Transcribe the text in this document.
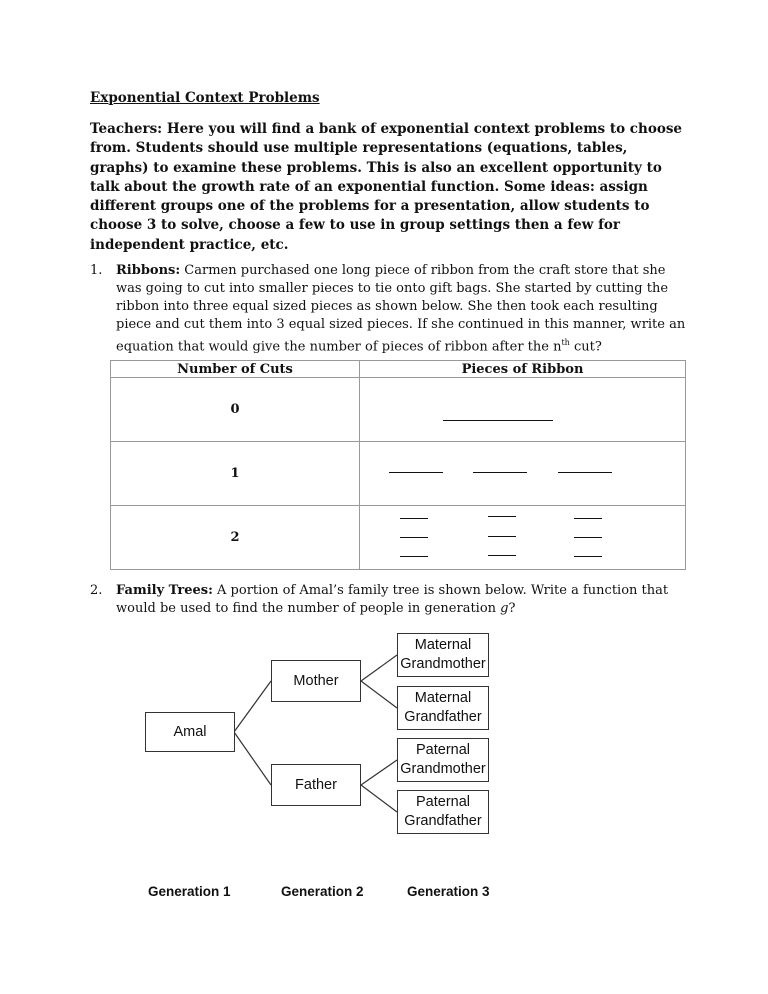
Exponential Context Problems
Teachers: Here you will find a bank of exponential context problems to choose from. Students should use multiple representations (equations, tables, graphs) to examine these problems. This is also an excellent opportunity to talk about the growth rate of an exponential function. Some ideas: assign different groups one of the problems for a presentation, allow students to choose 3 to solve, choose a few to use in group settings then a few for independent practice, etc.
1. Ribbons: Carmen purchased one long piece of ribbon from the craft store that she was going to cut into smaller pieces to tie onto gift bags. She started by cutting the ribbon into three equal sized pieces as shown below. She then took each resulting piece and cut them into 3 equal sized pieces. If she continued in this manner, write an equation that would give the number of pieces of ribbon after the $n^{th}$ cut?
Number of Cuts	Pieces of Ribbon
0	

1	

2	
2. Family Trees: A portion of Amal’s family tree is shown below. Write a function that would be used to find the number of people in generation g?
Amal
Mother
Father
Maternal Grandmother
Maternal Grandfather
Paternal Grandmother
Paternal Grandfather
Generation 1	Generation 2	Generation 3
